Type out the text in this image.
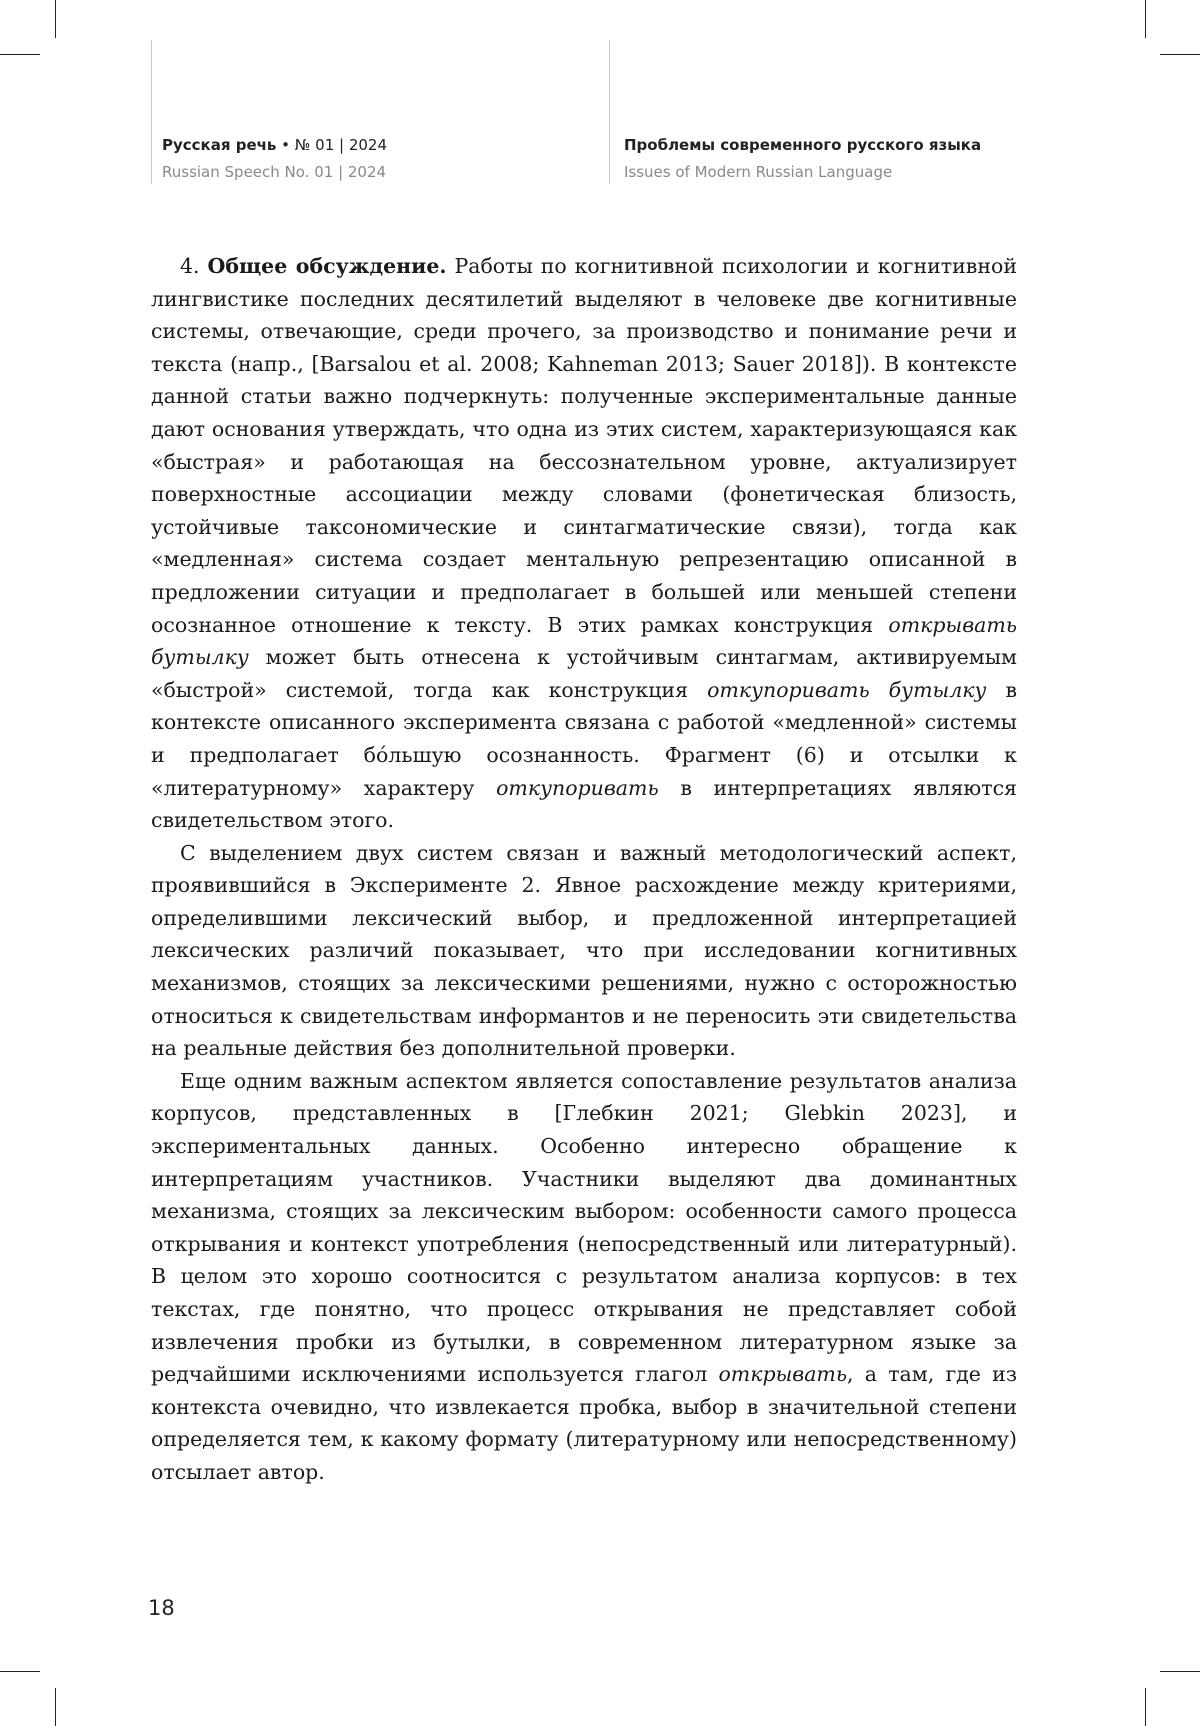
Русская речь • № 01 | 2024
Russian Speech No. 01 | 2024
Проблемы современного русского языка
Issues of Modern Russian Language

4. Общее обсуждение. Работы по когнитивной психологии и когнитивной лингвистике последних десятилетий выделяют в человеке две когнитивные системы, отвечающие, среди прочего, за производство и понимание речи и текста (напр., [Barsalou et al. 2008; Kahneman 2013; Sauer 2018]). В контексте данной статьи важно подчеркнуть: полученные экспериментальные данные дают основания утверждать, что одна из этих систем, характеризующаяся как «быстрая» и работающая на бессознательном уровне, актуализирует поверхностные ассоциации между словами (фонетическая близость, устойчивые таксономические и синтагматические связи), тогда как «медленная» система создает ментальную репрезентацию описанной в предложении ситуации и предполагает в большей или меньшей степени осознанное отношение к тексту. В этих рамках конструкция открывать бутылку может быть отнесена к устойчивым синтагмам, активируемым «быстрой» системой, тогда как конструкция откупоривать бутылку в контексте описанного эксперимента связана с работой «медленной» системы и предполагает бóльшую осознанность. Фрагмент (6) и отсылки к «литературному» характеру откупоривать в интерпретациях являются свидетельством этого.

С выделением двух систем связан и важный методологический аспект, проявившийся в Эксперименте 2. Явное расхождение между критериями, определившими лексический выбор, и предложенной интерпретацией лексических различий показывает, что при исследовании когнитивных механизмов, стоящих за лексическими решениями, нужно с осторожностью относиться к свидетельствам информантов и не переносить эти свидетельства на реальные действия без дополнительной проверки.

Еще одним важным аспектом является сопоставление результатов анализа корпусов, представленных в [Глебкин 2021; Glebkin 2023], и экспериментальных данных. Особенно интересно обращение к интерпретациям участников. Участники выделяют два доминантных механизма, стоящих за лексическим выбором: особенности самого процесса открывания и контекст употребления (непосредственный или литературный). В целом это хорошо соотносится с результатом анализа корпусов: в тех текстах, где понятно, что процесс открывания не представляет собой извлечения пробки из бутылки, в современном литературном языке за редчайшими исключениями используется глагол открывать, а там, где из контекста очевидно, что извлекается пробка, выбор в значительной степени определяется тем, к какому формату (литературному или непосредственному) отсылает автор.

18
